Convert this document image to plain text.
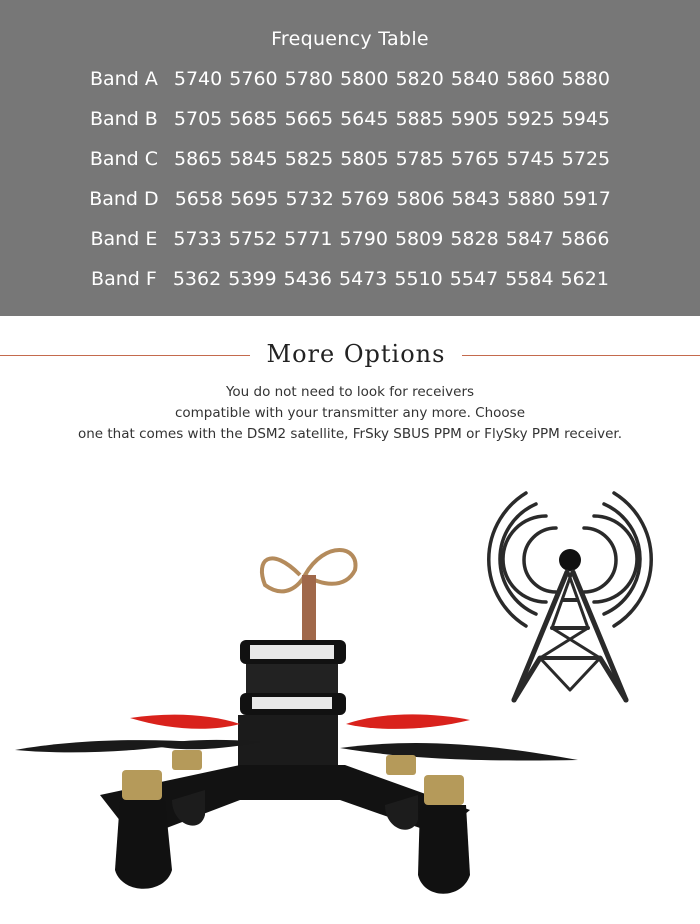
Frequency Table
Band A 5740 5760 5780 5800 5820 5840 5860 5880
Band B 5705 5685 5665 5645 5885 5905 5925 5945
Band C 5865 5845 5825 5805 5785 5765 5745 5725
Band D 5658 5695 5732 5769 5806 5843 5880 5917
Band E 5733 5752 5771 5790 5809 5828 5847 5866
Band F 5362 5399 5436 5473 5510 5547 5584 5621
More Options
You do not need to look for receivers
compatible with your transmitter any more. Choose
one that comes with the DSM2 satellite, FrSky SBUS PPM or FlySky PPM receiver.
